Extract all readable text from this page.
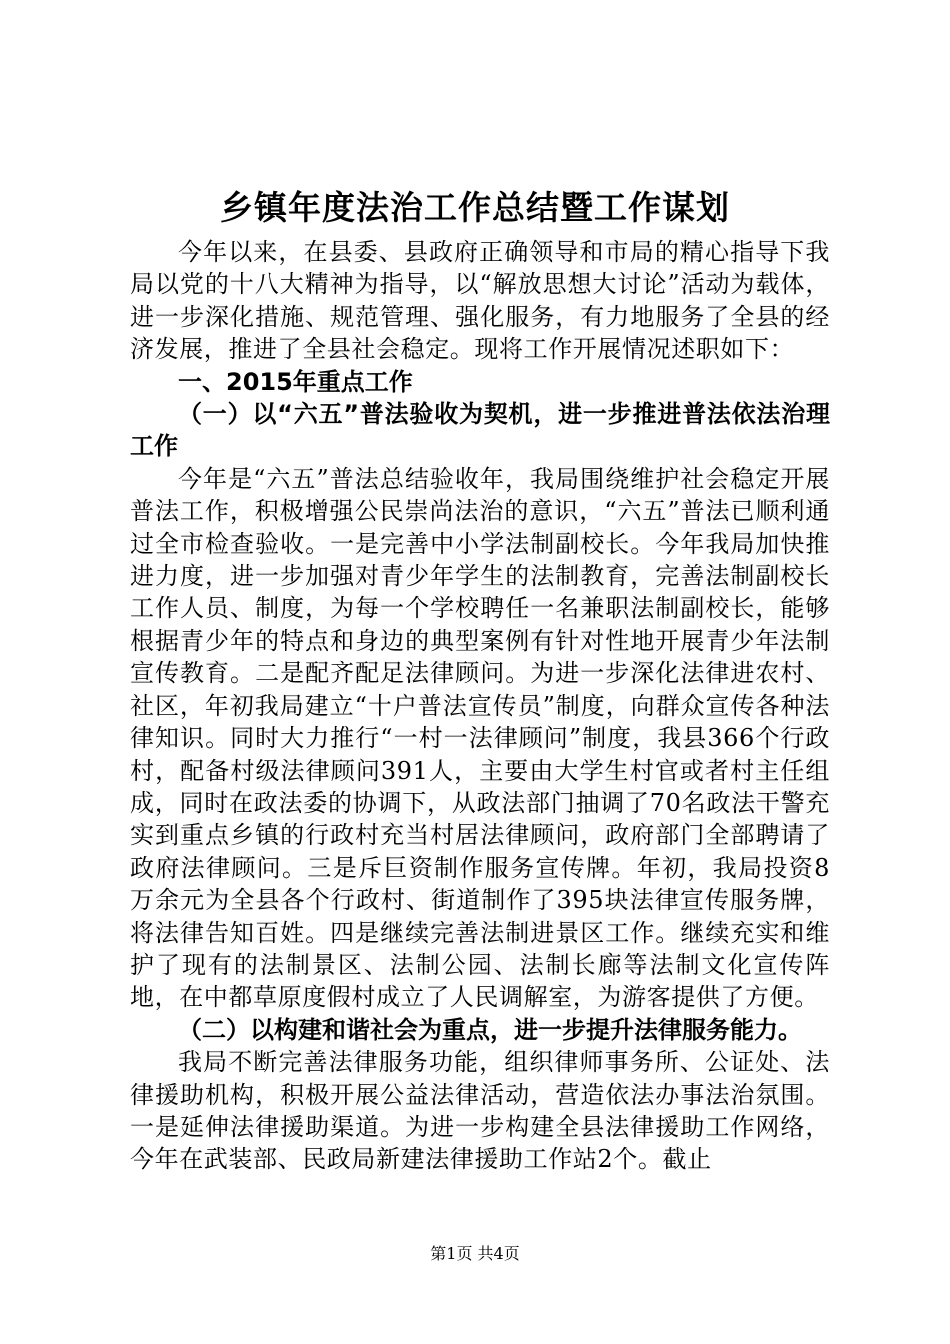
乡镇年度法治工作总结暨工作谋划

今年以来，在县委、县政府正确领导和市局的精心指导下我局以党的十八大精神为指导，以“解放思想大讨论”活动为载体，进一步深化措施、规范管理、强化服务，有力地服务了全县的经济发展，推进了全县社会稳定。现将工作开展情况述职如下：

一、2015年重点工作

（一）以“六五”普法验收为契机，进一步推进普法依法治理工作

今年是“六五”普法总结验收年，我局围绕维护社会稳定开展普法工作，积极增强公民崇尚法治的意识，“六五”普法已顺利通过全市检查验收。一是完善中小学法制副校长。今年我局加快推进力度，进一步加强对青少年学生的法制教育，完善法制副校长工作人员、制度，为每一个学校聘任一名兼职法制副校长，能够根据青少年的特点和身边的典型案例有针对性地开展青少年法制宣传教育。二是配齐配足法律顾问。为进一步深化法律进农村、社区，年初我局建立“十户普法宣传员”制度，向群众宣传各种法律知识。同时大力推行“一村一法律顾问”制度，我县366个行政村，配备村级法律顾问391人，主要由大学生村官或者村主任组成，同时在政法委的协调下，从政法部门抽调了70名政法干警充实到重点乡镇的行政村充当村居法律顾问，政府部门全部聘请了政府法律顾问。三是斥巨资制作服务宣传牌。年初，我局投资8万余元为全县各个行政村、街道制作了395块法律宣传服务牌，将法律告知百姓。四是继续完善法制进景区工作。继续充实和维护了现有的法制景区、法制公园、法制长廊等法制文化宣传阵地，在中都草原度假村成立了人民调解室，为游客提供了方便。

（二）以构建和谐社会为重点，进一步提升法律服务能力。

我局不断完善法律服务功能，组织律师事务所、公证处、法律援助机构，积极开展公益法律活动，营造依法办事法治氛围。一是延伸法律援助渠道。为进一步构建全县法律援助工作网络，今年在武装部、民政局新建法律援助工作站2个。截止

第1页 共4页
